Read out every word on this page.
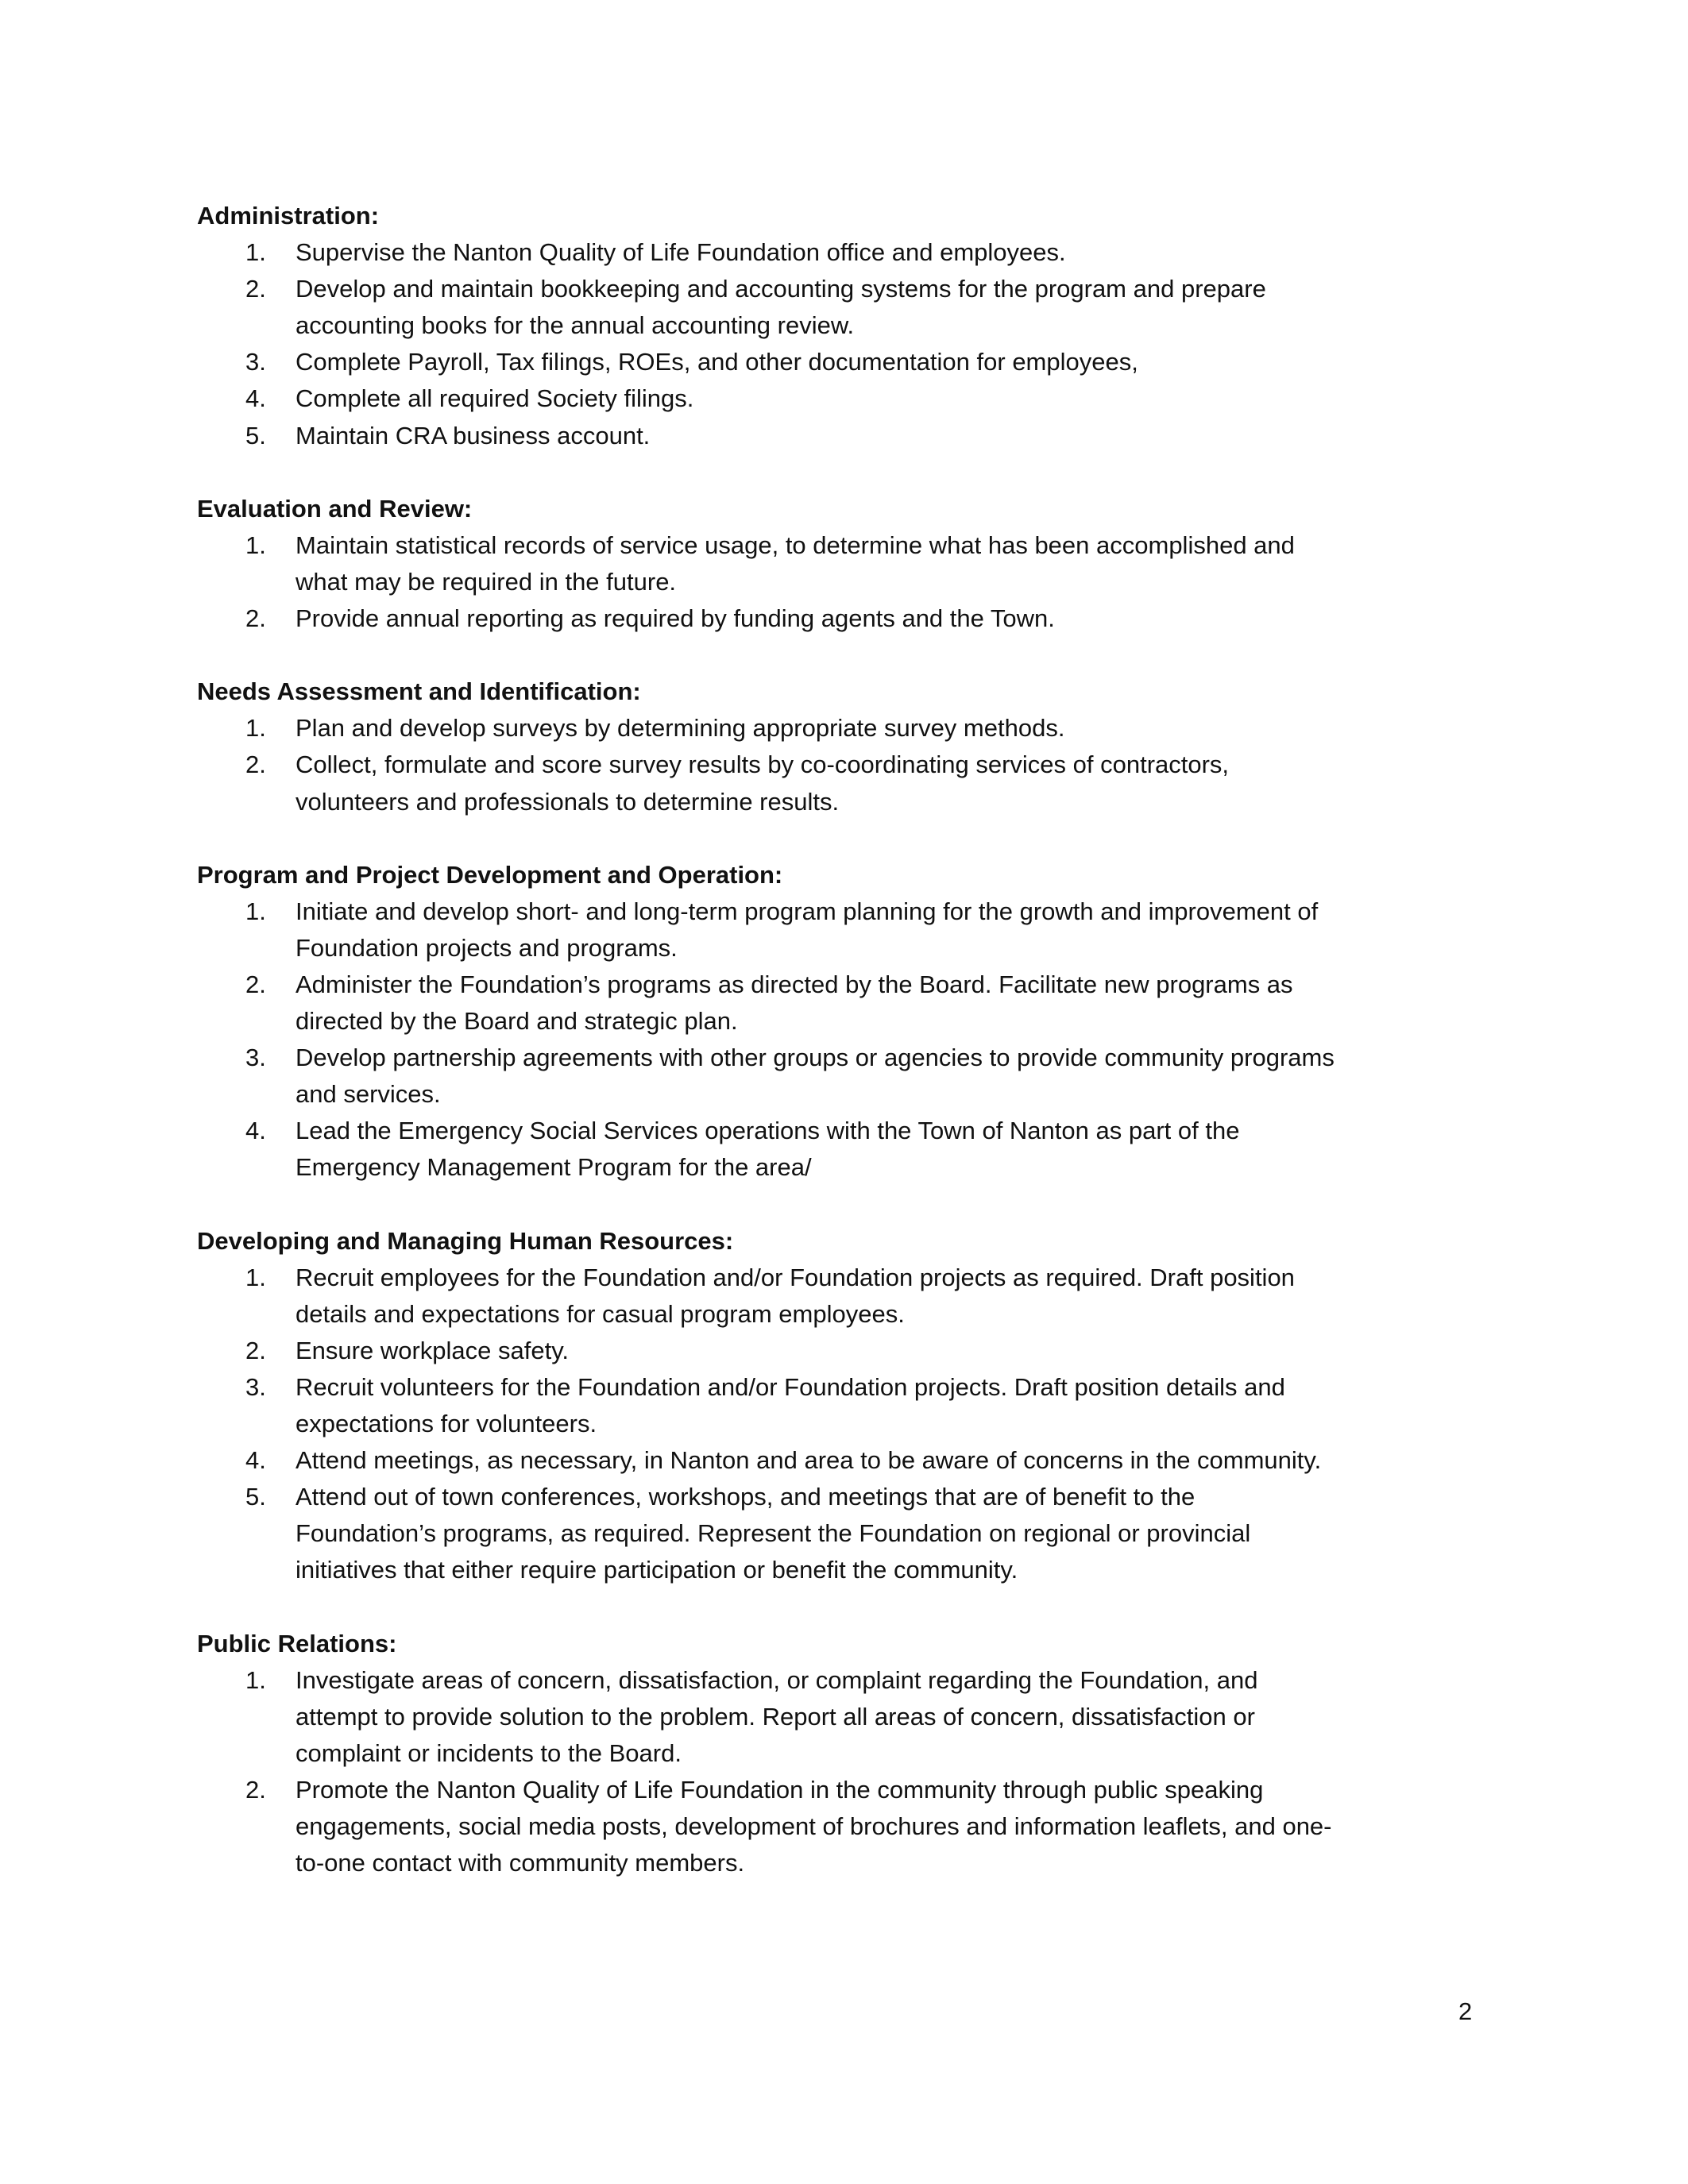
Administration:
1. Supervise the Nanton Quality of Life Foundation office and employees.
2. Develop and maintain bookkeeping and accounting systems for the program and prepare
accounting books for the annual accounting review.
3. Complete Payroll, Tax filings, ROEs, and other documentation for employees,
4. Complete all required Society filings.
5. Maintain CRA business account.
Evaluation and Review:
1. Maintain statistical records of service usage, to determine what has been accomplished and
what may be required in the future.
2. Provide annual reporting as required by funding agents and the Town.
Needs Assessment and Identification:
1. Plan and develop surveys by determining appropriate survey methods.
2. Collect, formulate and score survey results by co-coordinating services of contractors,
volunteers and professionals to determine results.
Program and Project Development and Operation:
1. Initiate and develop short- and long-term program planning for the growth and improvement of
Foundation projects and programs.
2. Administer the Foundation’s programs as directed by the Board. Facilitate new programs as
directed by the Board and strategic plan.
3. Develop partnership agreements with other groups or agencies to provide community programs
and services.
4. Lead the Emergency Social Services operations with the Town of Nanton as part of the
Emergency Management Program for the area/
Developing and Managing Human Resources:
1. Recruit employees for the Foundation and/or Foundation projects as required. Draft position
details and expectations for casual program employees.
2. Ensure workplace safety.
3. Recruit volunteers for the Foundation and/or Foundation projects. Draft position details and
expectations for volunteers.
4. Attend meetings, as necessary, in Nanton and area to be aware of concerns in the community.
5. Attend out of town conferences, workshops, and meetings that are of benefit to the
Foundation’s programs, as required. Represent the Foundation on regional or provincial
initiatives that either require participation or benefit the community.
Public Relations:
1. Investigate areas of concern, dissatisfaction, or complaint regarding the Foundation, and
attempt to provide solution to the problem. Report all areas of concern, dissatisfaction or
complaint or incidents to the Board.
2. Promote the Nanton Quality of Life Foundation in the community through public speaking
engagements, social media posts, development of brochures and information leaflets, and one-
to-one contact with community members.
2
